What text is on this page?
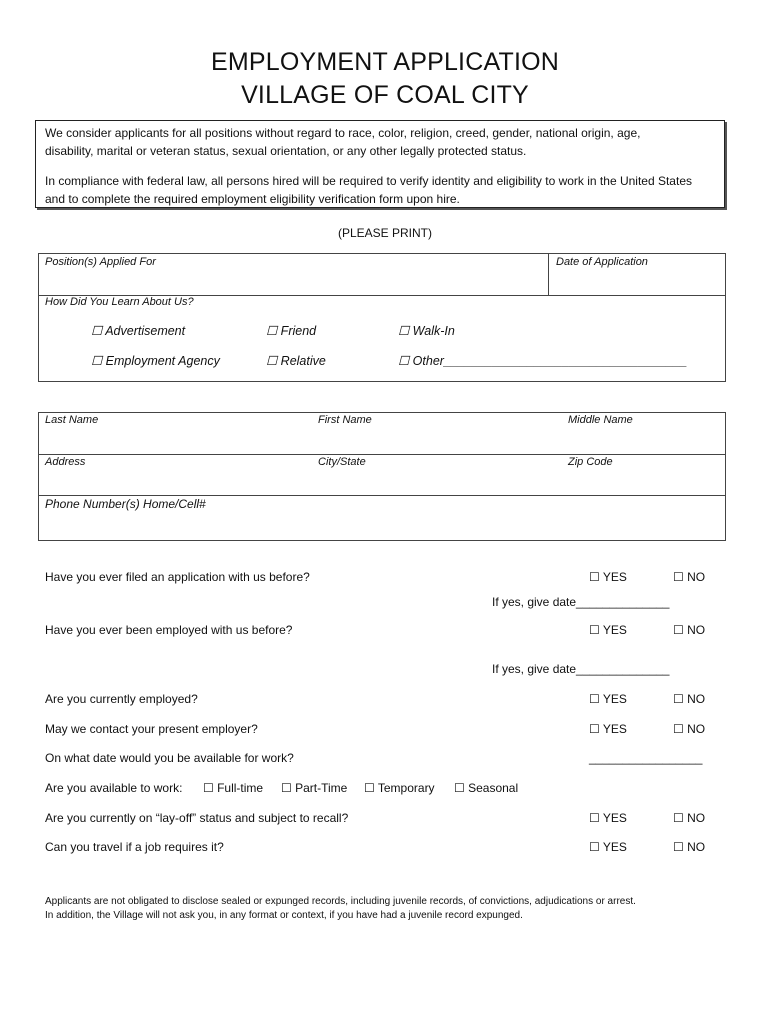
EMPLOYMENT APPLICATION
VILLAGE OF COAL CITY

We consider applicants for all positions without regard to race, color, religion, creed, gender, national origin, age,

disability, marital or veteran status, sexual orientation, or any other legally protected status.

In compliance with federal law, all persons hired will be required to verify identity and eligibility to work in the United States

and to complete the required employment eligibility verification form upon hire.

(PLEASE PRINT)
Position(s) Applied For	Date of Application
How Did You Learn About Us?
☐ Advertisement	☐ Friend	☐ Walk-In
☐ Employment Agency	☐ Relative	☐ Other___________________________________
Last Name	First Name	Middle Name
Address	City/State	Zip Code
Phone Number(s) Home/Cell#
Have you ever filed an application with us before?	☐ YES	☐ NO
If yes, give date______________
Have you ever been employed with us before?	☐ YES	☐ NO
If yes, give date______________
Are you currently employed?	☐ YES	☐ NO
May we contact your present employer?	☐ YES	☐ NO
On what date would you be available for work?	_________________
Are you available to work: ☐ Full-time ☐ Part-Time ☐ Temporary ☐ Seasonal
Are you currently on “lay-off” status and subject to recall?	☐ YES	☐ NO
Can you travel if a job requires it?	☐ YES	☐ NO
Applicants are not obligated to disclose sealed or expunged records, including juvenile records, of convictions, adjudications or arrest.
In addition, the Village will not ask you, in any format or context, if you have had a juvenile record expunged.
